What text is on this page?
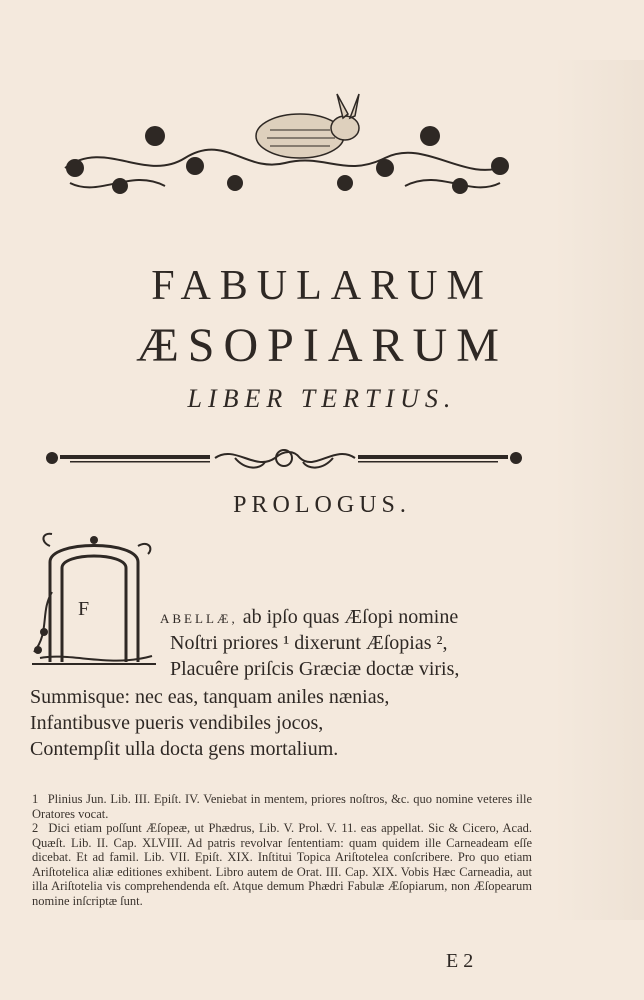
FABULARUM
ÆSOPIARUM
LIBER TERTIUS.
PROLOGUS.
F	ABELLÆ, ab ipſo quas Æſopi nomine
Noſtri priores ¹ dixerunt Æſopias ²,
Placuêre priſcis Græciæ doctæ viris,
Summisque: nec eas, tanquam aniles nænias,
Infantibusve pueris vendibiles jocos,
Contempſit ulla docta gens mortalium.

1 Plinius Jun. Lib. III. Epiſt. IV. Veniebat in mentem, priores noſtros, &c. quo nomine veteres ille Oratores vocat.

2 Dici etiam poſſunt Æſopeæ, ut Phædrus, Lib. V. Prol. V. 11. eas appellat. Sic & Cicero, Acad. Quæſt. Lib. II. Cap. XLVIII. Ad patris revolvar ſententiam: quam quidem ille Carneadeam eſſe dicebat. Et ad famil. Lib. VII. Epiſt. XIX. Inſtitui Topica Ariſtotelea conſcribere. Pro quo etiam Ariſtotelica aliæ editiones exhibent. Libro autem de Orat. III. Cap. XIX. Vobis Hæc Carneadia, aut illa Ariſtotelia vis comprehendenda eſt. Atque demum Phædri Fabulæ Æſopiarum, non Æſopearum nomine inſcriptæ ſunt.

E 2
